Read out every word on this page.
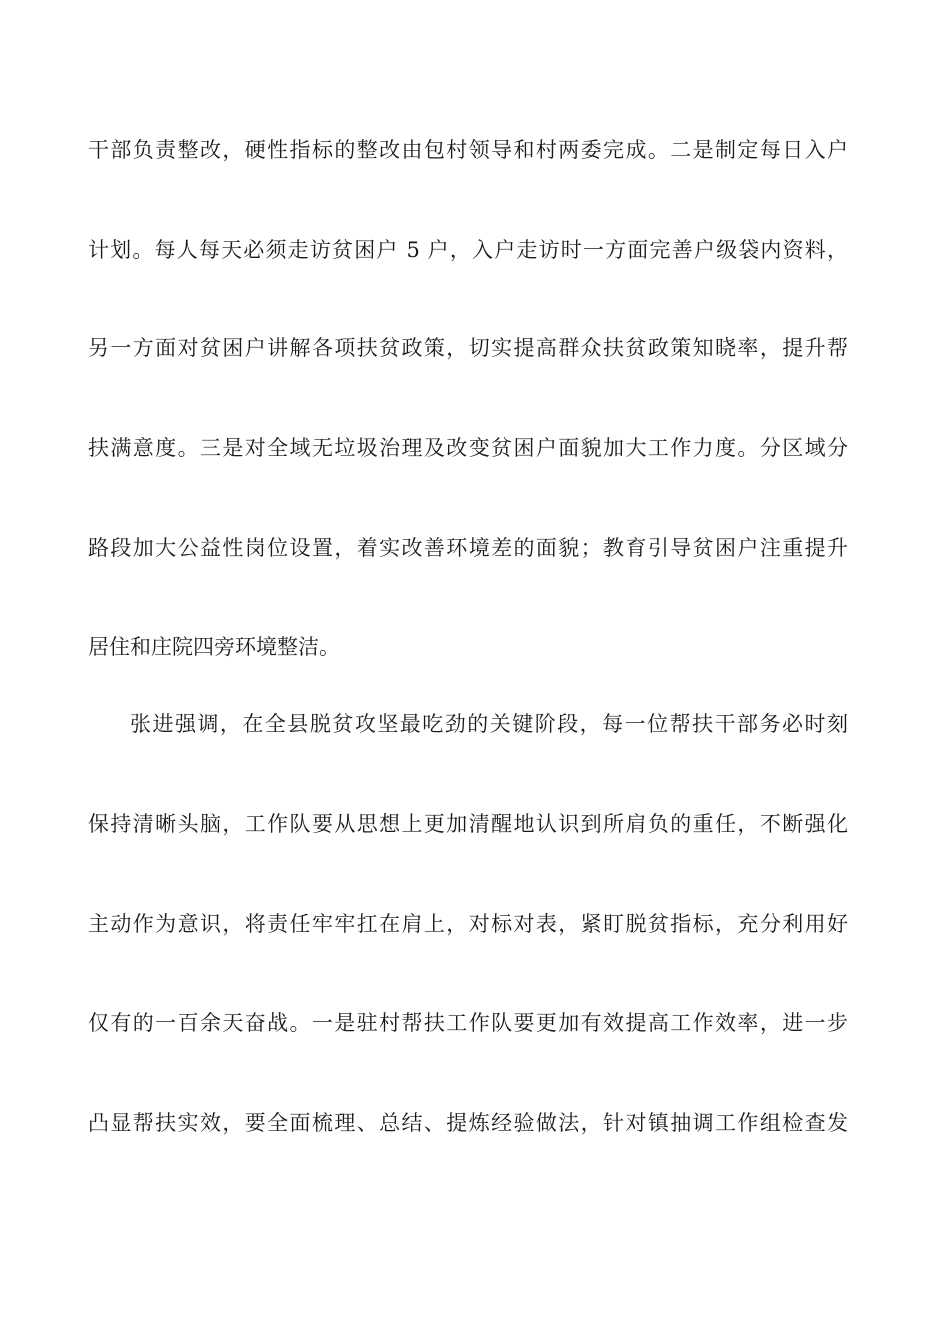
干部负责整改，硬性指标的整改由包村领导和村两委完成。二是制定每日入户
计划。每人每天必须走访贫困户 5 户，入户走访时一方面完善户级袋内资料，
另一方面对贫困户讲解各项扶贫政策，切实提高群众扶贫政策知晓率，提升帮
扶满意度。三是对全域无垃圾治理及改变贫困户面貌加大工作力度。分区域分
路段加大公益性岗位设置，着实改善环境差的面貌；教育引导贫困户注重提升
居住和庄院四旁环境整洁。
张进强调，在全县脱贫攻坚最吃劲的关键阶段，每一位帮扶干部务必时刻
保持清晰头脑，工作队要从思想上更加清醒地认识到所肩负的重任，不断强化
主动作为意识，将责任牢牢扛在肩上，对标对表，紧盯脱贫指标，充分利用好
仅有的一百余天奋战。一是驻村帮扶工作队要更加有效提高工作效率，进一步
凸显帮扶实效，要全面梳理、总结、提炼经验做法，针对镇抽调工作组检查发
